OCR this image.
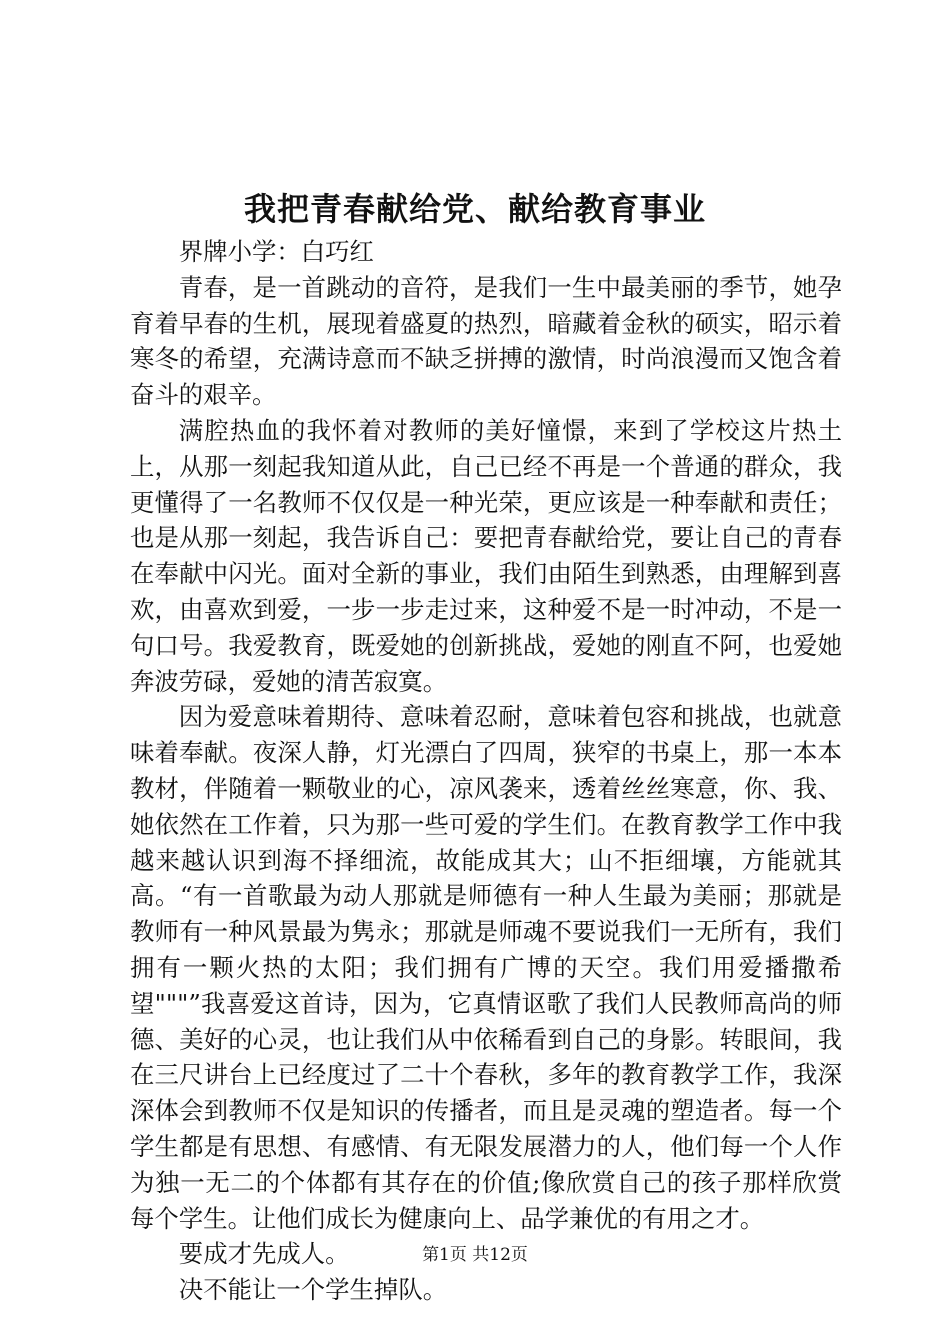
我把青春献给党、献给教育事业

界牌小学：白巧红

青春，是一首跳动的音符，是我们一生中最美丽的季节，她孕育着早春的生机，展现着盛夏的热烈，暗藏着金秋的硕实，昭示着寒冬的希望，充满诗意而不缺乏拼搏的激情，时尚浪漫而又饱含着奋斗的艰辛。

满腔热血的我怀着对教师的美好憧憬，来到了学校这片热土上，从那一刻起我知道从此，自己已经不再是一个普通的群众，我更懂得了一名教师不仅仅是一种光荣，更应该是一种奉献和责任；也是从那一刻起，我告诉自己：要把青春献给党，要让自己的青春在奉献中闪光。面对全新的事业，我们由陌生到熟悉，由理解到喜欢，由喜欢到爱，一步一步走过来，这种爱不是一时冲动，不是一句口号。我爱教育，既爱她的创新挑战，爱她的刚直不阿，也爱她奔波劳碌，爱她的清苦寂寞。

因为爱意味着期待、意味着忍耐，意味着包容和挑战，也就意味着奉献。夜深人静，灯光漂白了四周，狭窄的书桌上，那一本本教材，伴随着一颗敬业的心，凉风袭来，透着丝丝寒意，你、我、她依然在工作着，只为那一些可爱的学生们。在教育教学工作中我越来越认识到海不择细流，故能成其大；山不拒细壤，方能就其高。“有一首歌最为动人那就是师德有一种人生最为美丽；那就是教师有一种风景最为隽永；那就是师魂不要说我们一无所有，我们拥有一颗火热的太阳；我们拥有广博的天空。我们用爱播撒希望"""”我喜爱这首诗，因为，它真情讴歌了我们人民教师高尚的师德、美好的心灵，也让我们从中依稀看到自己的身影。转眼间，我在三尺讲台上已经度过了二十个春秋，多年的教育教学工作，我深深体会到教师不仅是知识的传播者，而且是灵魂的塑造者。每一个学生都是有思想、有感情、有无限发展潜力的人，他们每一个人作为独一无二的个体都有其存在的价值;像欣赏自己的孩子那样欣赏每个学生。让他们成长为健康向上、品学兼优的有用之才。

要成才先成人。

决不能让一个学生掉队。

第1页 共12页
